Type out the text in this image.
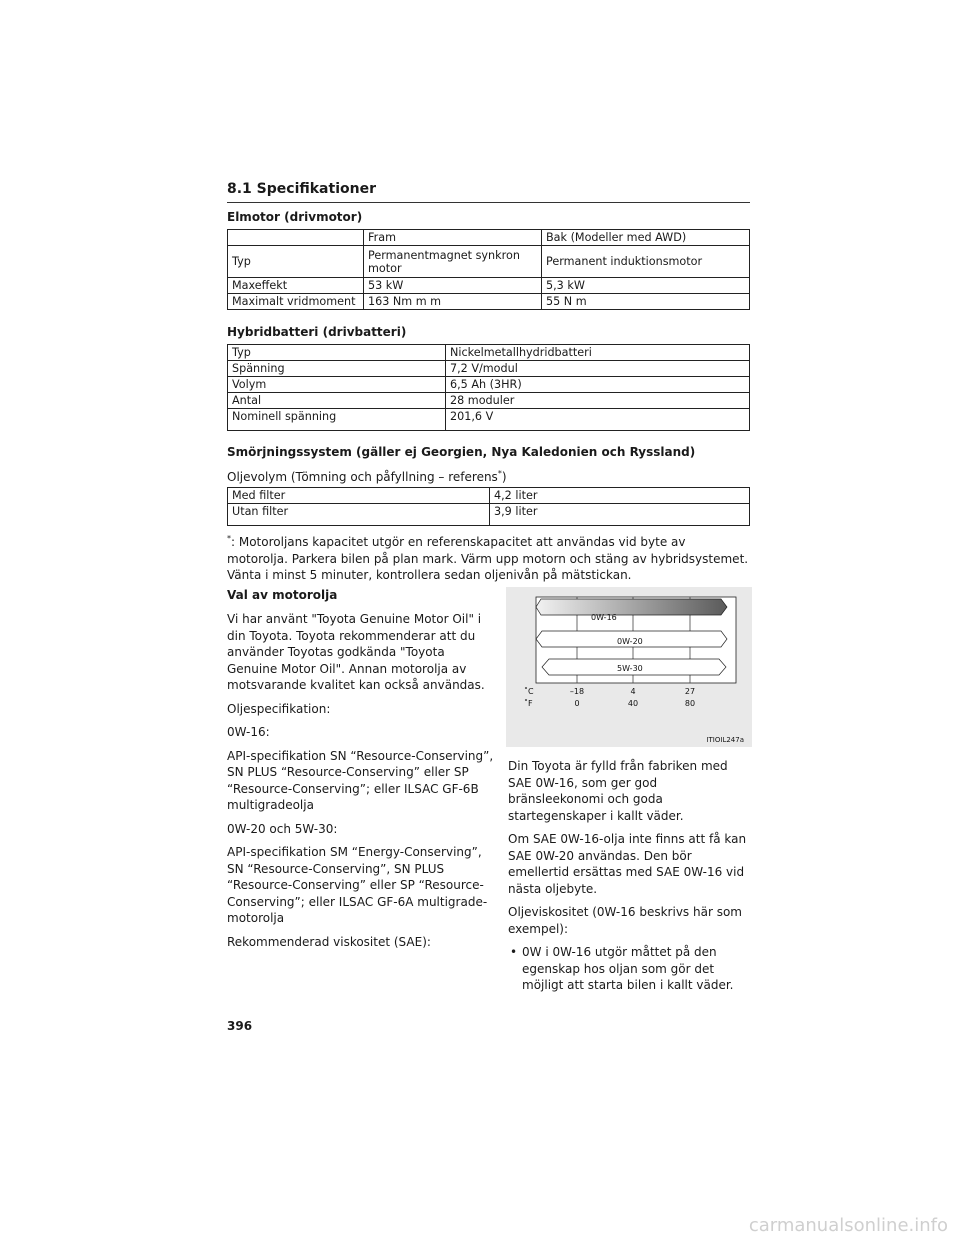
8.1 Specifikationer
Elmotor (drivmotor)
	Fram	Bak (Modeller med AWD)
Typ	Permanentmagnet synkron motor	Permanent induktionsmotor
Maxeffekt	53 kW	5,3 kW
Maximalt vridmoment	163 Nm m m	55 N m
Hybridbatteri (drivbatteri)
Typ	Nickelmetallhydridbatteri
Spänning	7,2 V/modul
Volym	6,5 Ah (3HR)
Antal	28 moduler
Nominell spänning	201,6 V
Smörjningssystem (gäller ej Georgien, Nya Kaledonien och Ryssland)
Oljevolym (Tömning och påfyllning – referens*)
Med filter	4,2 liter
Utan filter	3,9 liter
*: Motoroljans kapacitet utgör en referenskapacitet att användas vid byte av motorolja. Parkera bilen på plan mark. Värm upp motorn och stäng av hybridsystemet. Vänta i minst 5 minuter, kontrollera sedan oljenivån på mätstickan.
Val av motorolja

Vi har använt "Toyota Genuine Motor Oil" i din Toyota. Toyota rekommenderar att du använder Toyotas godkända "Toyota Genuine Motor Oil". Annan motorolja av motsvarande kvalitet kan också användas.

Oljespecifikation:

0W-16:

API-specifikation SN “Resource-Conserving”, SN PLUS “Resource-Conserving” eller SP “Resource-Conserving”; eller ILSAC GF-6B multigradeolja

0W-20 och 5W-30:

API-specifikation SM “Energy-Conserving”, SN “Resource-Conserving”, SN PLUS “Resource-Conserving” eller SP “Resource-Conserving”; eller ILSAC GF-6A multigrade-motorolja

Rekommenderad viskositet (SAE):

0W-16
0W-20
5W-30
˚C
˚F
–18	4	27
0	40	80
ITIOIL247a

Din Toyota är fylld från fabriken med SAE 0W-16, som ger god bränsleekonomi och goda startegenskaper i kallt väder.

Om SAE 0W-16-olja inte finns att få kan SAE 0W-20 användas. Den bör emellertid ersättas med SAE 0W-16 vid nästa oljebyte.

Oljeviskositet (0W-16 beskrivs här som exempel):

• 0W i 0W-16 utgör måttet på den egenskap hos oljan som gör det möjligt att starta bilen i kallt väder.
396
carmanualsonline.info
